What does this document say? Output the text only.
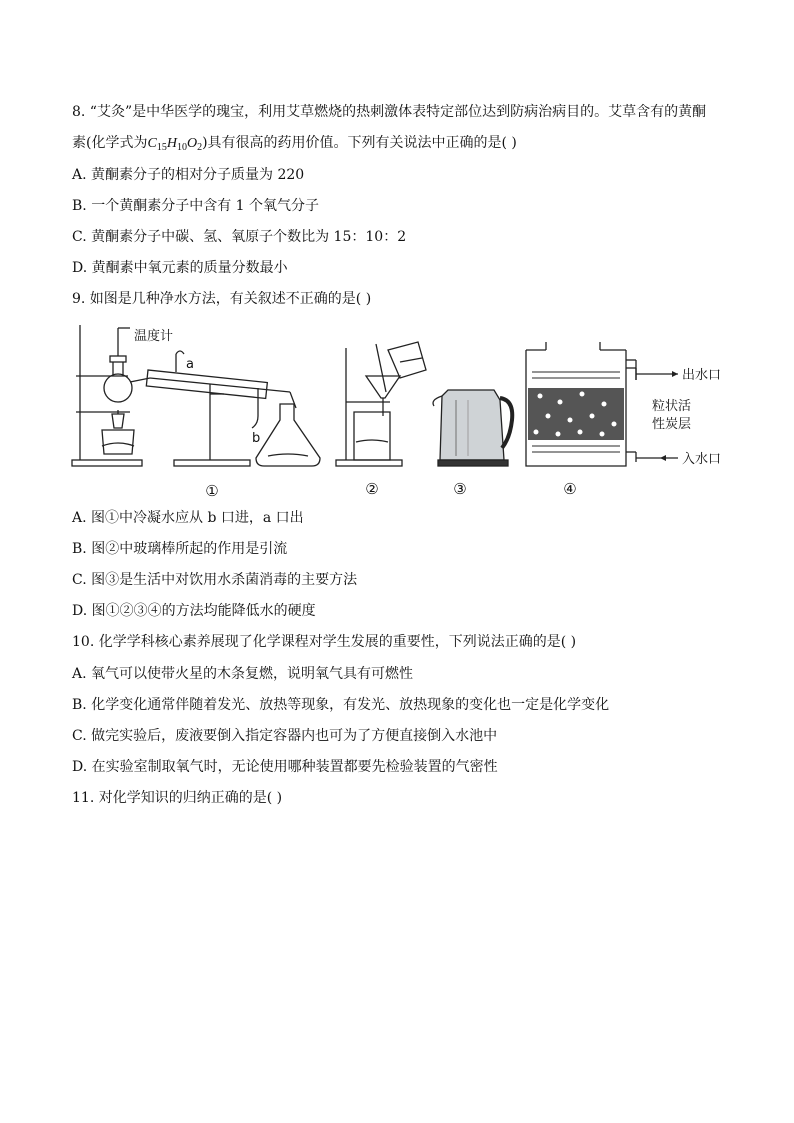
8. “艾灸”是中华医学的瑰宝，利用艾草燃烧的热刺激体表特定部位达到防病治病目的。艾草含有的黄酮
素(化学式为$C_{15}H_{10}O_2$)具有很高的药用价值。下列有关说法中正确的是( )
A. 黄酮素分子的相对分子质量为 220
B. 一个黄酮素分子中含有 1 个氧气分子
C. 黄酮素分子中碳、氢、氧原子个数比为 15：10：2
D. 黄酮素中氧元素的质量分数最小
9. 如图是几种净水方法，有关叙述不正确的是( )
温度计
a
b
出水口
粒状活
性炭层
入水口
①	②	③	④
A. 图①中冷凝水应从 b 口进，a 口出
B. 图②中玻璃棒所起的作用是引流
C. 图③是生活中对饮用水杀菌消毒的主要方法
D. 图①②③④的方法均能降低水的硬度
10. 化学学科核心素养展现了化学课程对学生发展的重要性，下列说法正确的是( )
A. 氧气可以使带火星的木条复燃，说明氧气具有可燃性
B. 化学变化通常伴随着发光、放热等现象，有发光、放热现象的变化也一定是化学变化
C. 做完实验后，废液要倒入指定容器内也可为了方便直接倒入水池中
D. 在实验室制取氧气时，无论使用哪种装置都要先检验装置的气密性
11. 对化学知识的归纳正确的是( )
